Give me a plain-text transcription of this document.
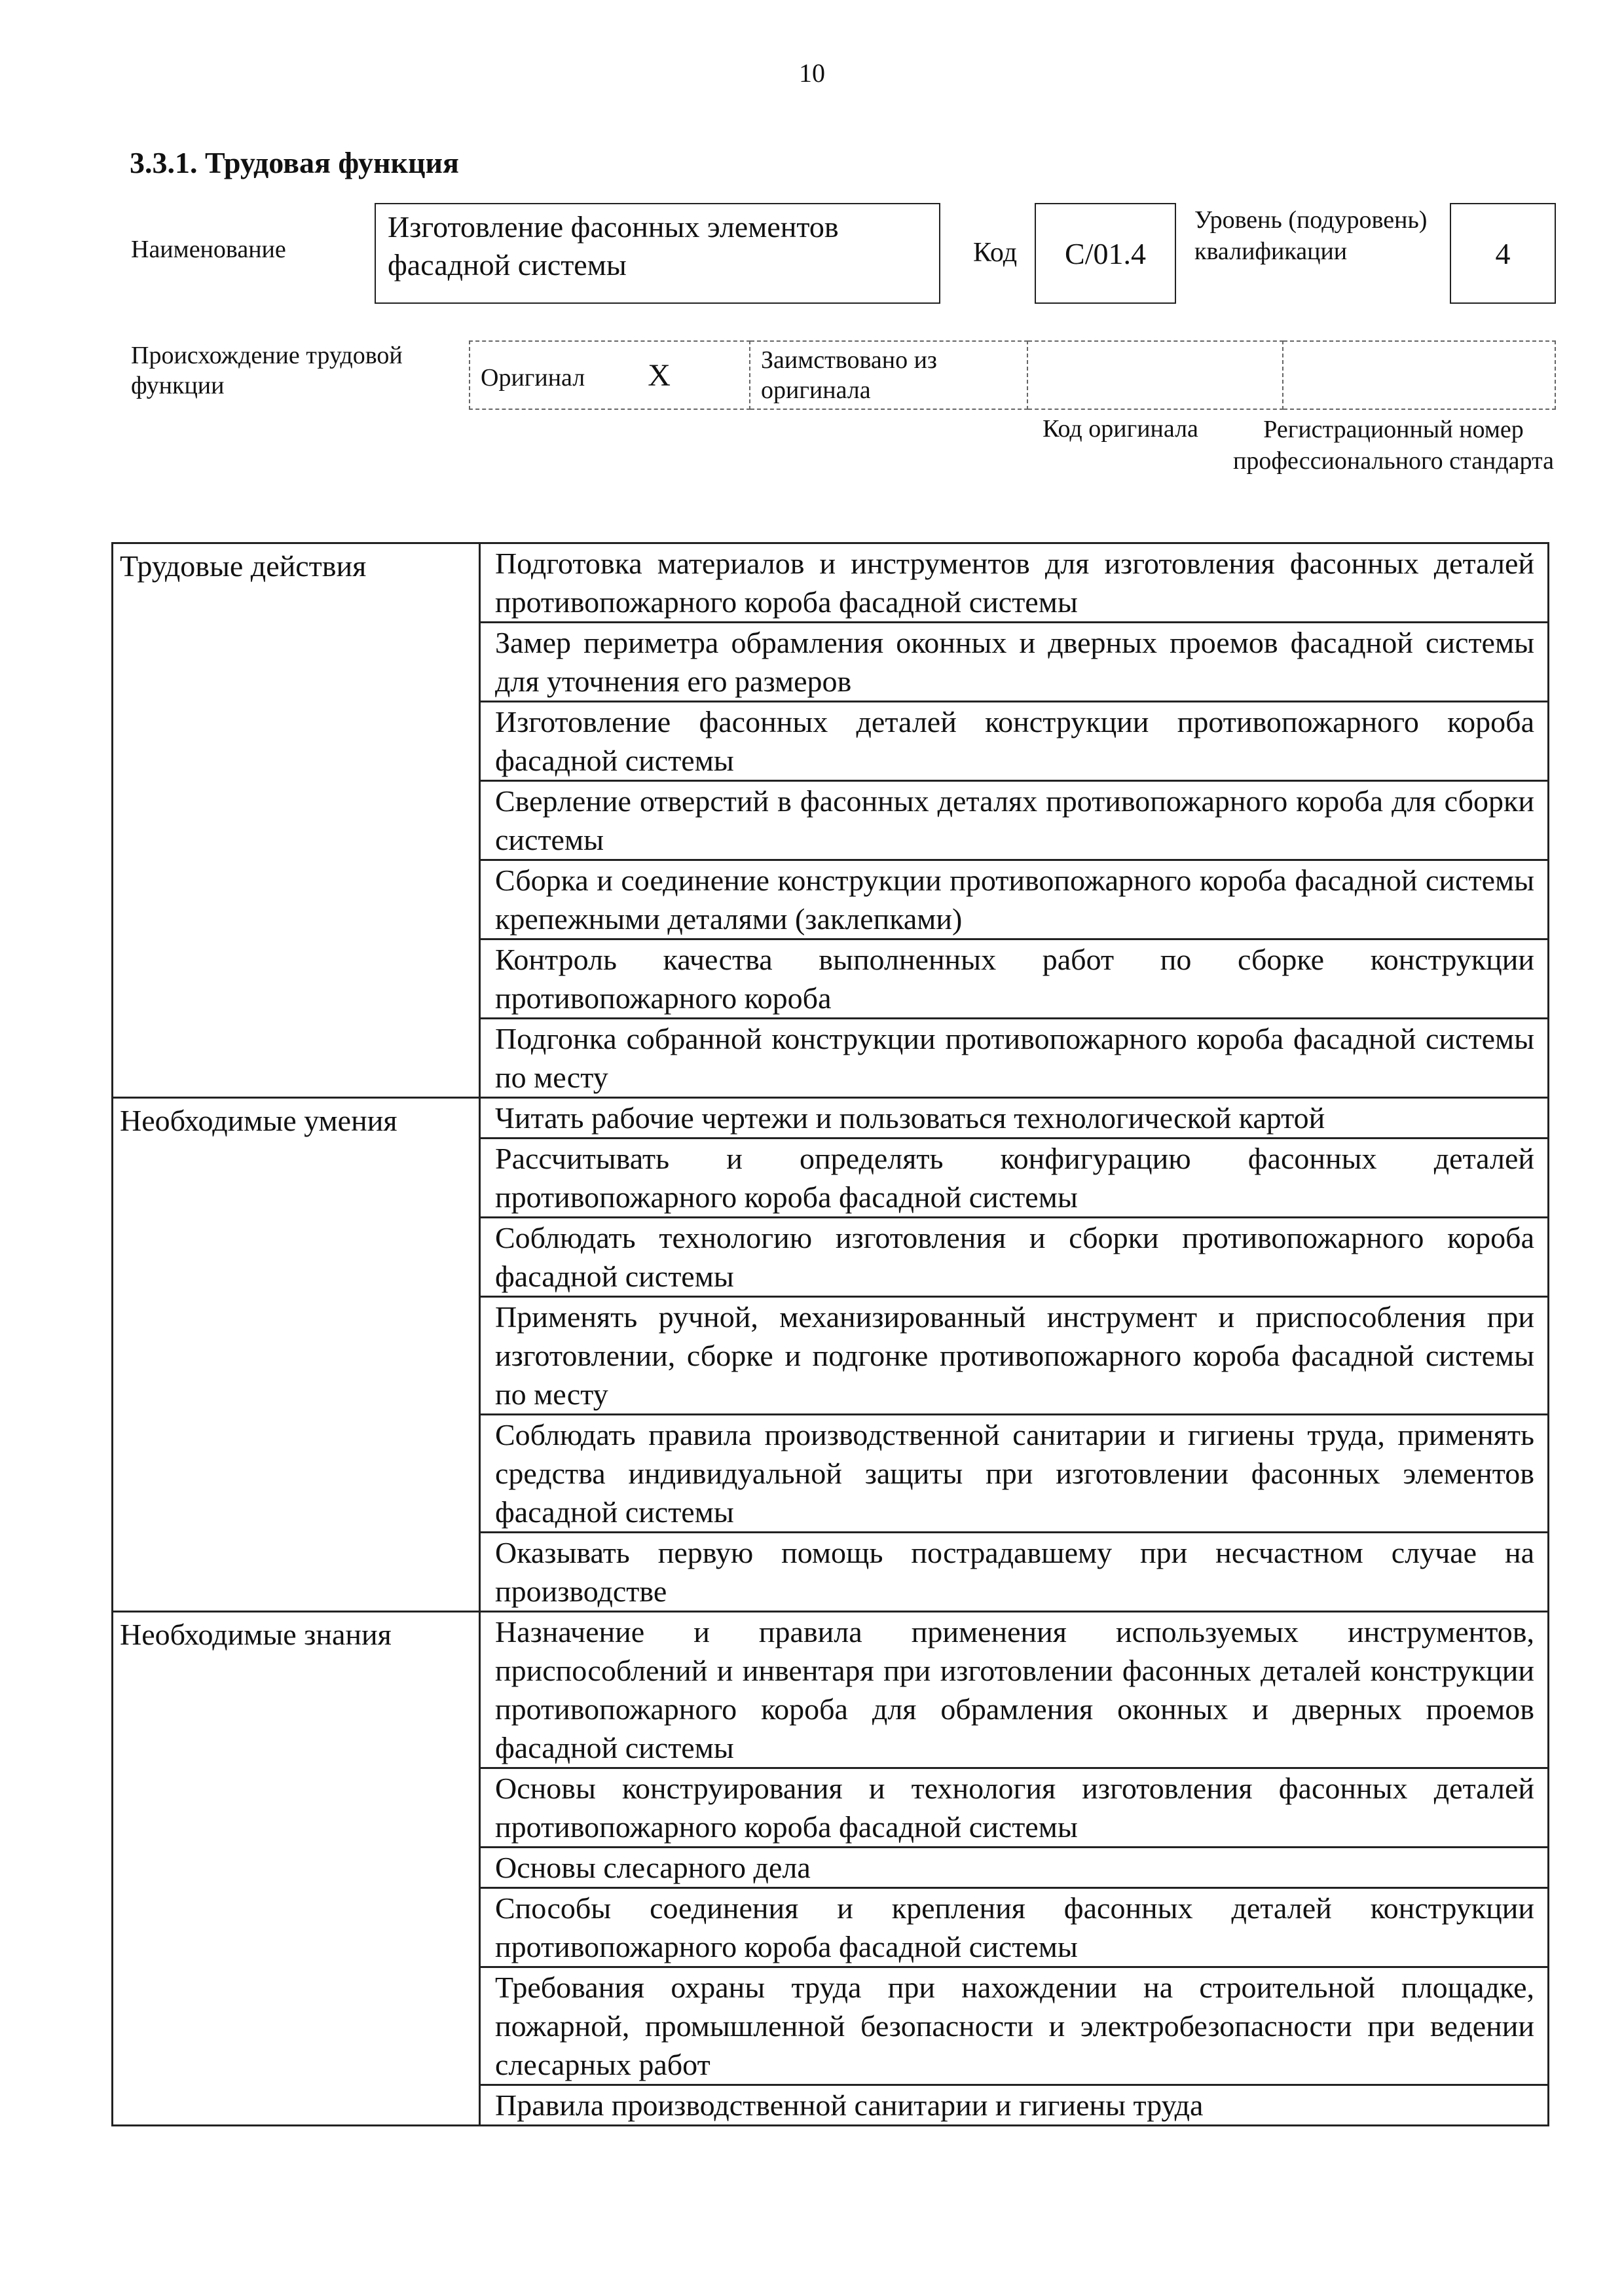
10
3.3.1. Трудовая функция
Наименование
Изготовление фасонных элементов фасадной системы	Код C/01.4
Уровень (подуровень) квалификации	4
Происхождение трудовой функции	Оригинал X	Заимствовано из оригинала		
Код оригинала	Регистрационный номер профессионального стандарта
Трудовые действия	Подготовка материалов и инструментов для изготовления фасонных деталей противопожарного короба фасадной системы
	Замер периметра обрамления оконных и дверных проемов фасадной системы для уточнения его размеров
	Изготовление фасонных деталей конструкции противопожарного короба фасадной системы
	Сверление отверстий в фасонных деталях противопожарного короба для сборки системы
	Сборка и соединение конструкции противопожарного короба фасадной системы крепежными деталями (заклепками)
	Контроль качества выполненных работ по сборке конструкции противопожарного короба
	Подгонка собранной конструкции противопожарного короба фасадной системы по месту
Необходимые умения	Читать рабочие чертежи и пользоваться технологической картой
	Рассчитывать и определять конфигурацию фасонных деталей противопожарного короба фасадной системы
	Соблюдать технологию изготовления и сборки противопожарного короба фасадной системы
	Применять ручной, механизированный инструмент и приспособления при изготовлении, сборке и подгонке противопожарного короба фасадной системы по месту
	Соблюдать правила производственной санитарии и гигиены труда, применять средства индивидуальной защиты при изготовлении фасонных элементов фасадной системы
	Оказывать первую помощь пострадавшему при несчастном случае на производстве
Необходимые знания	Назначение и правила применения используемых инструментов, приспособлений и инвентаря при изготовлении фасонных деталей конструкции противопожарного короба для обрамления оконных и дверных проемов фасадной системы
	Основы конструирования и технология изготовления фасонных деталей противопожарного короба фасадной системы
	Основы слесарного дела
	Способы соединения и крепления фасонных деталей конструкции противопожарного короба фасадной системы
	Требования охраны труда при нахождении на строительной площадке, пожарной, промышленной безопасности и электробезопасности при ведении слесарных работ
	Правила производственной санитарии и гигиены труда
